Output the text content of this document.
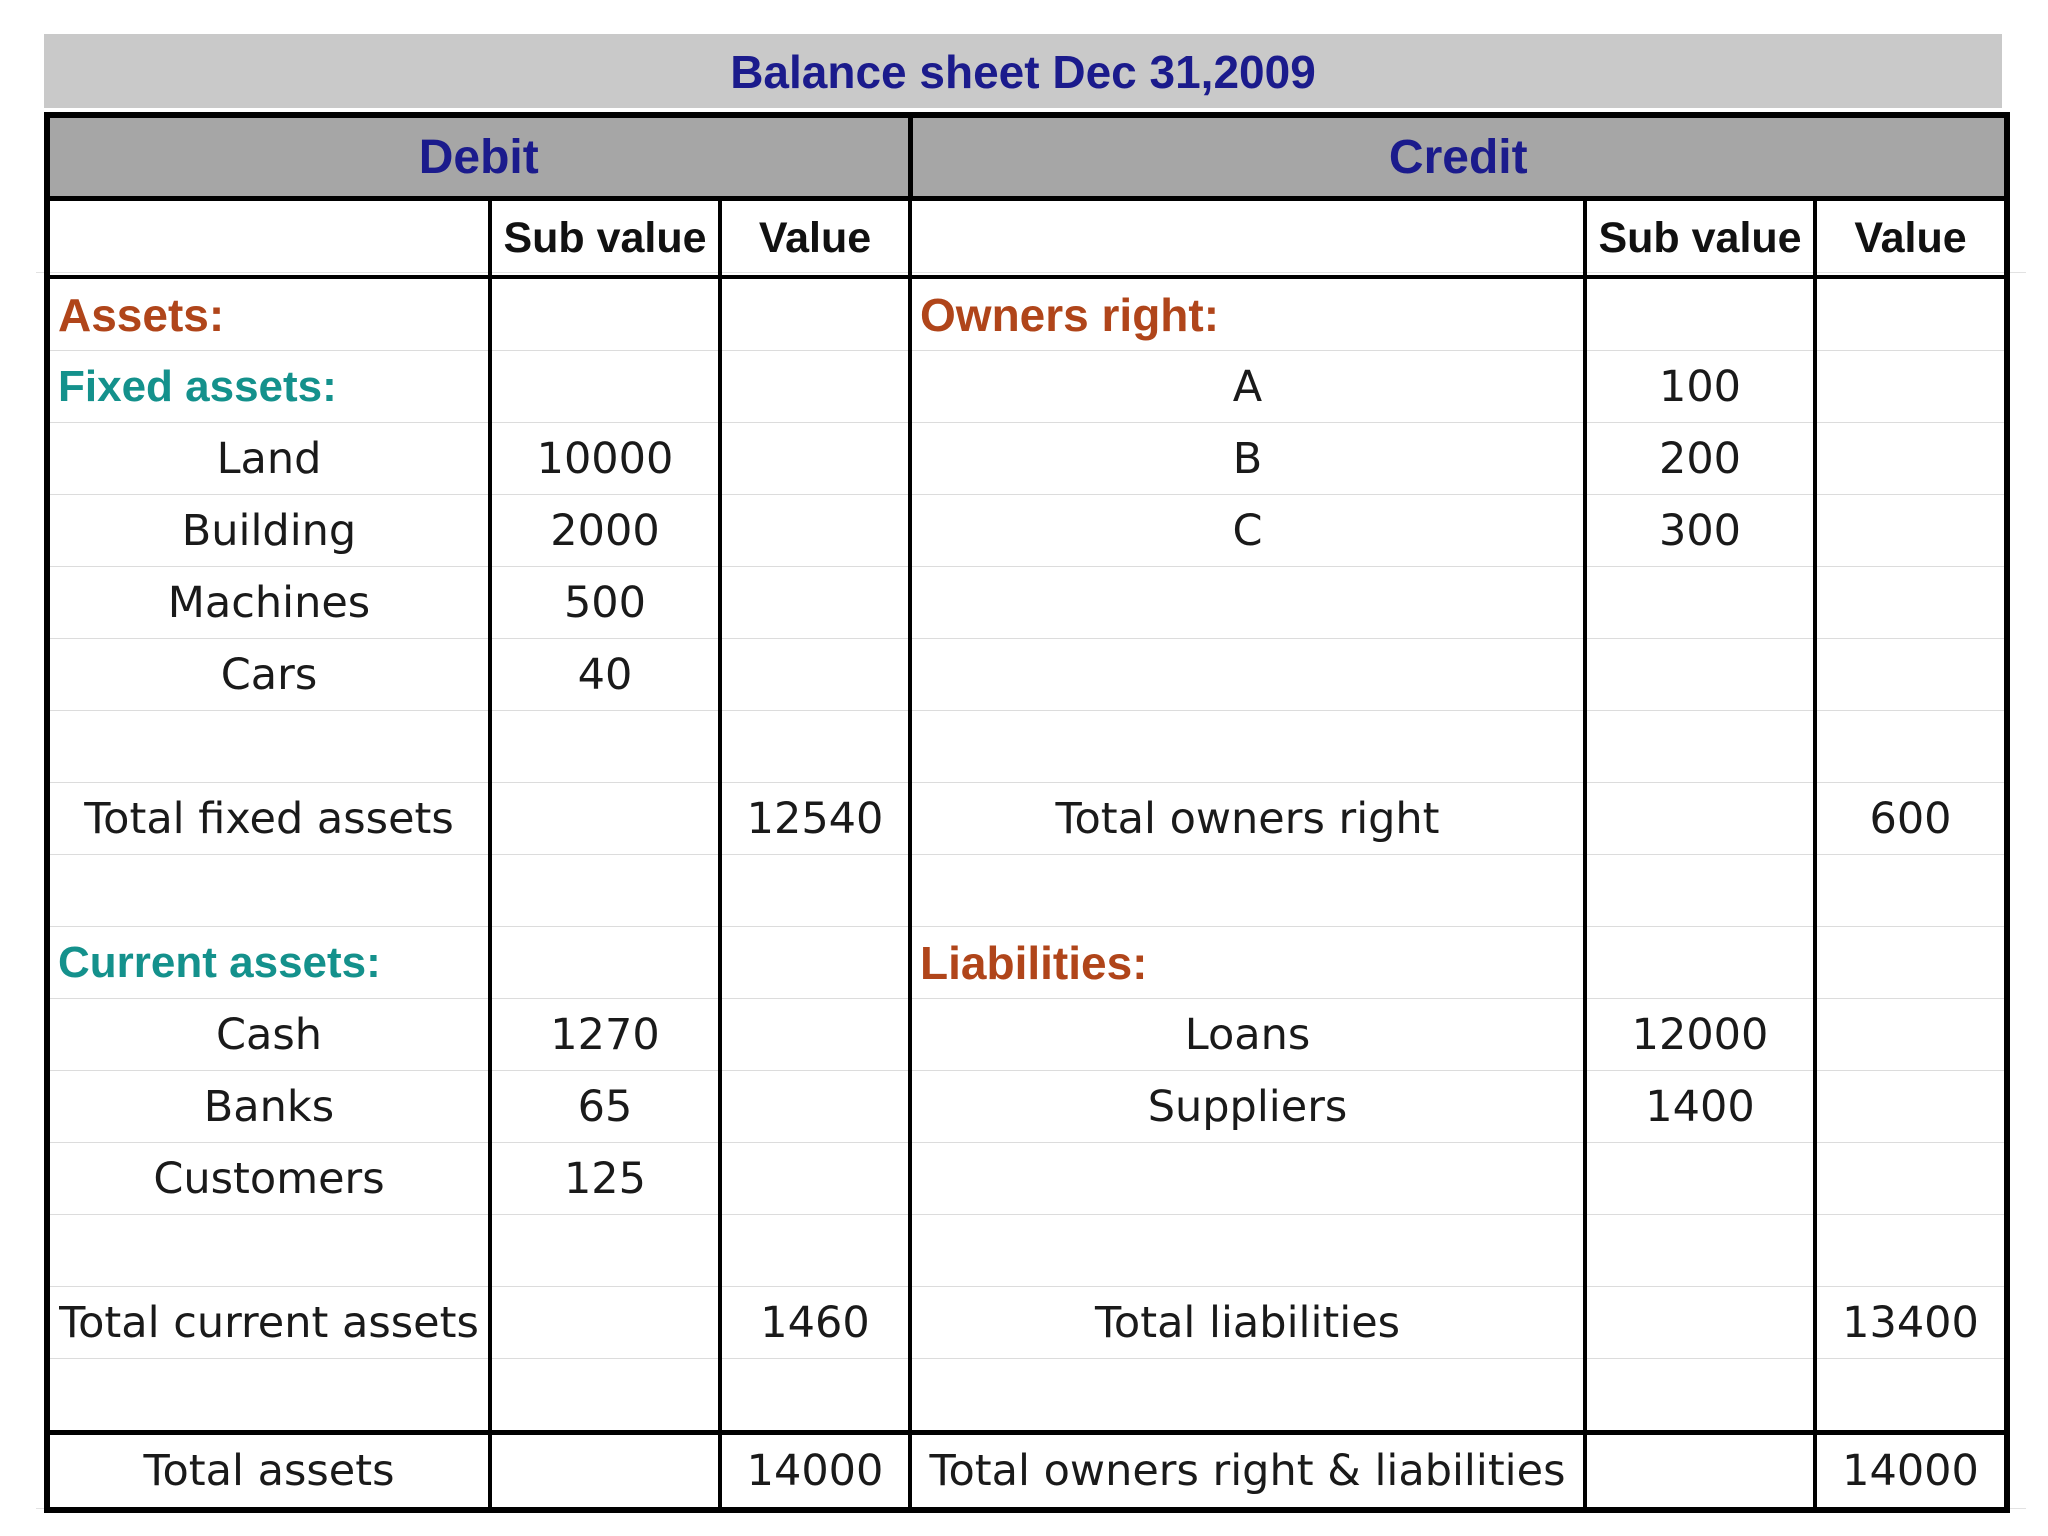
Balance sheet Dec 31,2009
Debit			Credit		
	Sub value	Value		Sub value	Value
Assets:			Owners right:		
Fixed assets:			A	100	
Land	10000		B	200	
Building	2000		C	300	
Machines	500				
Cars	40				

Total fixed assets		12540	Total owners right		600

Current assets:			Liabilities:		
Cash	1270		Loans	12000	
Banks	65		Suppliers	1400	
Customers	125				

Total current assets		1460	Total liabilities		13400

Total assets		14000	Total owners right & liabilities		14000
